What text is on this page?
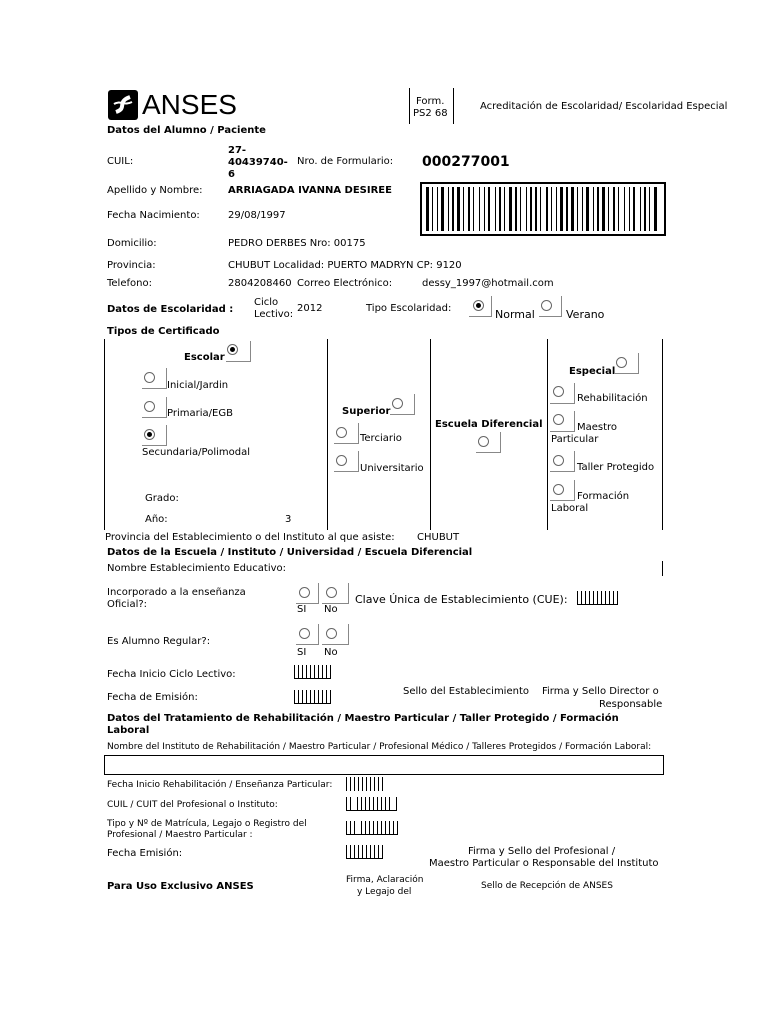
ANSES	Form.
PS2 68
Acreditación de Escolaridad/ Escolaridad Especial
Datos del Alumno / Paciente
CUIL:
27-
40439740-
6
Nro. de Formulario: 000277001
Apellido y Nombre:	ARRIAGADA IVANNA DESIREE
Fecha Nacimiento:	29/08/1997
Domicilio:	PEDRO DERBES Nro: 00175
Provincia:	CHUBUT Localidad: PUERTO MADRYN CP: 9120
Telefono:	2804208460 Correo Electrónico:	dessy_1997@hotmail.com
Datos de Escolaridad :
Ciclo
Lectivo:
2012	Tipo Escolaridad:	Normal	Verano
Tipos de Certificado
Escolar
Inicial/Jardin
Primaria/EGB
Secundaria/Polimodal
Grado:
Año:	3
Superior
Terciario
Universitario
Escuela Diferencial
Especial
Rehabilitación
Maestro
Particular
Taller Protegido
Formación
Laboral
Provincia del Establecimiento o del Instituto al que asiste: CHUBUT
Datos de la Escuela / Instituto / Universidad / Escuela Diferencial
Nombre Establecimiento Educativo:
Incorporado a la enseñanza
Oficial?:	SI No
Clave Única de Establecimiento (CUE):
Es Alumno Regular?:
SI No
Fecha Inicio Ciclo Lectivo:
Fecha de Emisión:
Sello del Establecimiento Firma y Sello Director o
Responsable
Datos del Tratamiento de Rehabilitación / Maestro Particular / Taller Protegido / Formación
Laboral
Nombre del Instituto de Rehabilitación / Maestro Particular / Profesional Médico / Talleres Protegidos / Formación Laboral:
Fecha Inicio Rehabilitación / Enseñanza Particular:
CUIL / CUIT del Profesional o Instituto:
Tipo y Nº de Matrícula, Legajo o Registro del
Profesional / Maestro Particular :
Fecha Emisión:	Firma y Sello del Profesional /
Maestro Particular o Responsable del Instituto
Para Uso Exclusivo ANSES
Firma, Aclaración
y Legajo del
Sello de Recepción de ANSES
